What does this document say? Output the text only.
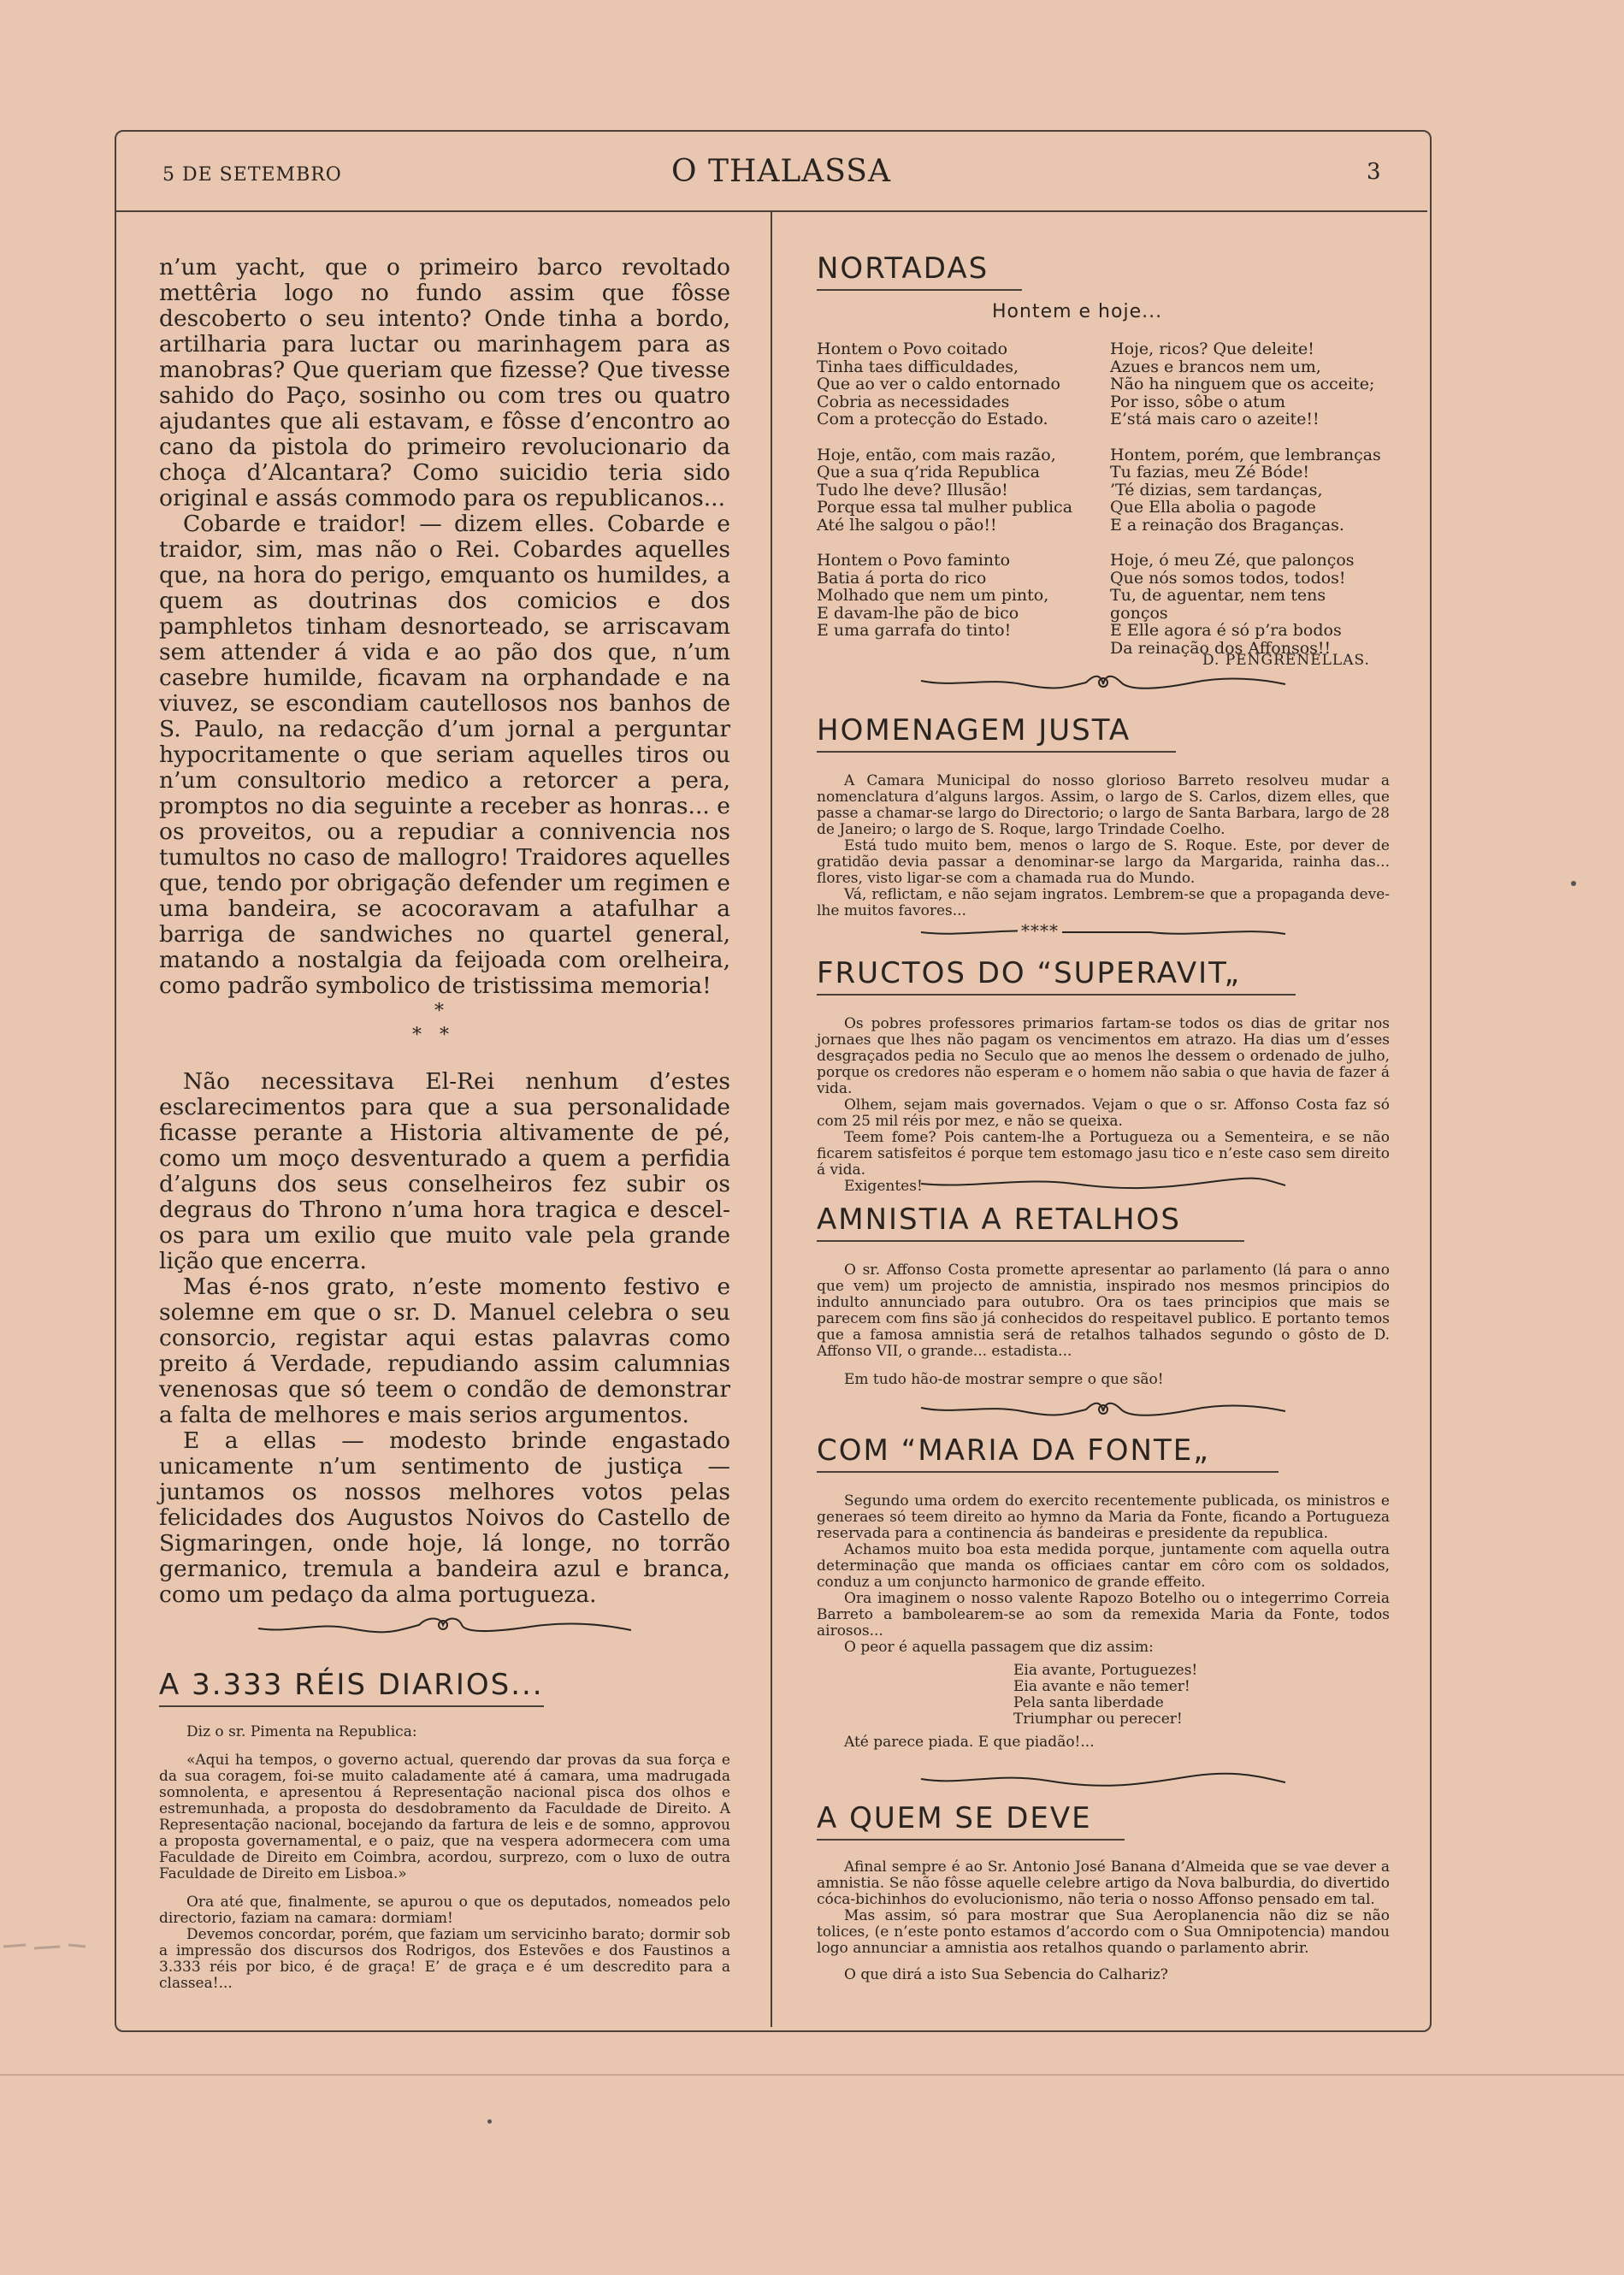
5 DE SETEMBRO	O THALASSA	3

n’um yacht, que o primeiro barco revoltado mettêria logo no fundo assim que fôsse descoberto o seu intento? Onde tinha a bordo, artilharia para luctar ou marinhagem para as manobras? Que queriam que fizesse? Que tivesse sahido do Paço, sosinho ou com tres ou quatro ajudantes que ali estavam, e fôsse d’encontro ao cano da pistola do primeiro revolucionario da choça d’Alcantara? Como suicidio teria sido original e assás commodo para os republicanos...

Cobarde e traidor! — dizem elles. Cobarde e traidor, sim, mas não o Rei. Cobardes aquelles que, na hora do perigo, emquanto os humildes, a quem as doutrinas dos comicios e dos pamphletos tinham desnorteado, se arriscavam sem attender á vida e ao pão dos que, n’um casebre humilde, ficavam na orphandade e na viuvez, se escondiam cautellosos nos banhos de S. Paulo, na redacção d’um jornal a perguntar hypocritamente o que seriam aquelles tiros ou n’um consultorio medico a retorcer a pera, promptos no dia seguinte a receber as honras... e os proveitos, ou a repudiar a connivencia nos tumultos no caso de mallogro! Traidores aquelles que, tendo por obrigação defender um regimen e uma bandeira, se acocoravam a atafulhar a barriga de sandwiches no quartel general, matando a nostalgia da feijoada com orelheira, como padrão symbolico de tristissima memoria!

*
*   *

Não necessitava El-Rei nenhum d’estes esclarecimentos para que a sua personalidade ficasse perante a Historia altivamente de pé, como um moço desventurado a quem a perfidia d’alguns dos seus conselheiros fez subir os degraus do Throno n’uma hora tragica e descel-os para um exilio que muito vale pela grande lição que encerra.

Mas é-nos grato, n’este momento festivo e solemne em que o sr. D. Manuel celebra o seu consorcio, registar aqui estas palavras como preito á Verdade, repudiando assim calumnias venenosas que só teem o condão de demonstrar a falta de melhores e mais serios argumentos.

E a ellas — modesto brinde engastado unicamente n’um sentimento de justiça — juntamos os nossos melhores votos pelas felicidades dos Augustos Noivos do Castello de Sigmaringen, onde hoje, lá longe, no torrão germanico, tremula a bandeira azul e branca, como um pedaço da alma portugueza.

A 3.333 RÉIS DIARIOS...

Diz o sr. Pimenta na Republica:

«Aqui ha tempos, o governo actual, querendo dar provas da sua força e da sua coragem, foi-se muito caladamente até á camara, uma madrugada somnolenta, e apresentou á Representação nacional pisca dos olhos e estremunhada, a proposta do desdobramento da Faculdade de Direito. A Representação nacional, bocejando da fartura de leis e de somno, approvou a proposta governamental, e o paiz, que na vespera adormecera com uma Faculdade de Direito em Coimbra, acordou, surprezo, com o luxo de outra Faculdade de Direito em Lisboa.»

Ora até que, finalmente, se apurou o que os deputados, nomeados pelo directorio, faziam na camara: dormiam!

Devemos concordar, porém, que faziam um servicinho barato; dormir sob a impressão dos discursos dos Rodrigos, dos Estevões e dos Faustinos a 3.333 réis por bico, é de graça! E’ de graça e é um descredito para a classea!...

NORTADAS
Hontem e hoje...
Hontem o Povo coitado
Tinha taes difficuldades,
Que ao ver o caldo entornado
Cobria as necessidades
Com a protecção do Estado.
Hoje, então, com mais razão,
Que a sua q’rida Republica
Tudo lhe deve? Illusão!
Porque essa tal mulher publica
Até lhe salgou o pão!!
Hontem o Povo faminto
Batia á porta do rico
Molhado que nem um pinto,
E davam-lhe pão de bico
E uma garrafa do tinto!
Hoje, ricos? Que deleite!
Azues e brancos nem um,
Não ha ninguem que os acceite;
Por isso, sôbe o atum
E’stá mais caro o azeite!!
Hontem, porém, que lembranças
Tu fazias, meu Zé Bóde!
’Té dizias, sem tardanças,
Que Ella abolia o pagode
E a reinação dos Braganças.
Hoje, ó meu Zé, que palonços
Que nós somos todos, todos!
Tu, de aguentar, nem tens gonços
E Elle agora é só p’ra bodos
Da reinação dos Affonsos!!
D. PENGRENELLAS.
HOMENAGEM JUSTA

A Camara Municipal do nosso glorioso Barreto resolveu mudar a nomenclatura d’alguns largos. Assim, o largo de S. Carlos, dizem elles, que passe a chamar-se largo do Directorio; o largo de Santa Barbara, largo de 28 de Janeiro; o largo de S. Roque, largo Trindade Coelho.

Está tudo muito bem, menos o largo de S. Roque. Este, por dever de gratidão devia passar a denominar-se largo da Margarida, rainha das... flores, visto ligar-se com a chamada rua do Mundo.

Vá, reflictam, e não sejam ingratos. Lembrem-se que a propaganda deve-lhe muitos favores...

****
FRUCTOS DO “SUPERAVIT„

Os pobres professores primarios fartam-se todos os dias de gritar nos jornaes que lhes não pagam os vencimentos em atrazo. Ha dias um d’esses desgraçados pedia no Seculo que ao menos lhe dessem o ordenado de julho, porque os credores não esperam e o homem não sabia o que havia de fazer á vida.

Olhem, sejam mais governados. Vejam o que o sr. Affonso Costa faz só com 25 mil réis por mez, e não se queixa.

Teem fome? Pois cantem-lhe a Portugueza ou a Sementeira, e se não ficarem satisfeitos é porque tem estomago jasu tico e n’este caso sem direito á vida.

Exigentes!

AMNISTIA A RETALHOS

O sr. Affonso Costa promette apresentar ao parlamento (lá para o anno que vem) um projecto de amnistia, inspirado nos mesmos principios do indulto annunciado para outubro. Ora os taes principios que mais se parecem com fins são já conhecidos do respeitavel publico. E portanto temos que a famosa amnistia será de retalhos talhados segundo o gôsto de D. Affonso VII, o grande... estadista...

Em tudo hão-de mostrar sempre o que são!

COM “MARIA DA FONTE„

Segundo uma ordem do exercito recentemente publicada, os ministros e generaes só teem direito ao hymno da Maria da Fonte, ficando a Portugueza reservada para a continencia ás bandeiras e presidente da republica.

Achamos muito boa esta medida porque, juntamente com aquella outra determinação que manda os officiaes cantar em côro com os soldados, conduz a um conjuncto harmonico de grande effeito.

Ora imaginem o nosso valente Rapozo Botelho ou o integerrimo Correia Barreto a bambolearem-se ao som da remexida Maria da Fonte, todos airosos...

O peor é aquella passagem que diz assim:

Eia avante, Portuguezes!
Eia avante e não temer!
Pela santa liberdade
Triumphar ou perecer!

Até parece piada. E que piadão!...

A QUEM SE DEVE

Afinal sempre é ao Sr. Antonio José Banana d’Almeida que se vae dever a amnistia. Se não fôsse aquelle celebre artigo da Nova balburdia, do divertido cóca-bichinhos do evolucionismo, não teria o nosso Affonso pensado em tal.

Mas assim, só para mostrar que Sua Aeroplanencia não diz se não tolices, (e n’este ponto estamos d’accordo com o Sua Omnipotencia) mandou logo annunciar a amnistia aos retalhos quando o parlamento abrir.

O que dirá a isto Sua Sebencia do Calhariz?
